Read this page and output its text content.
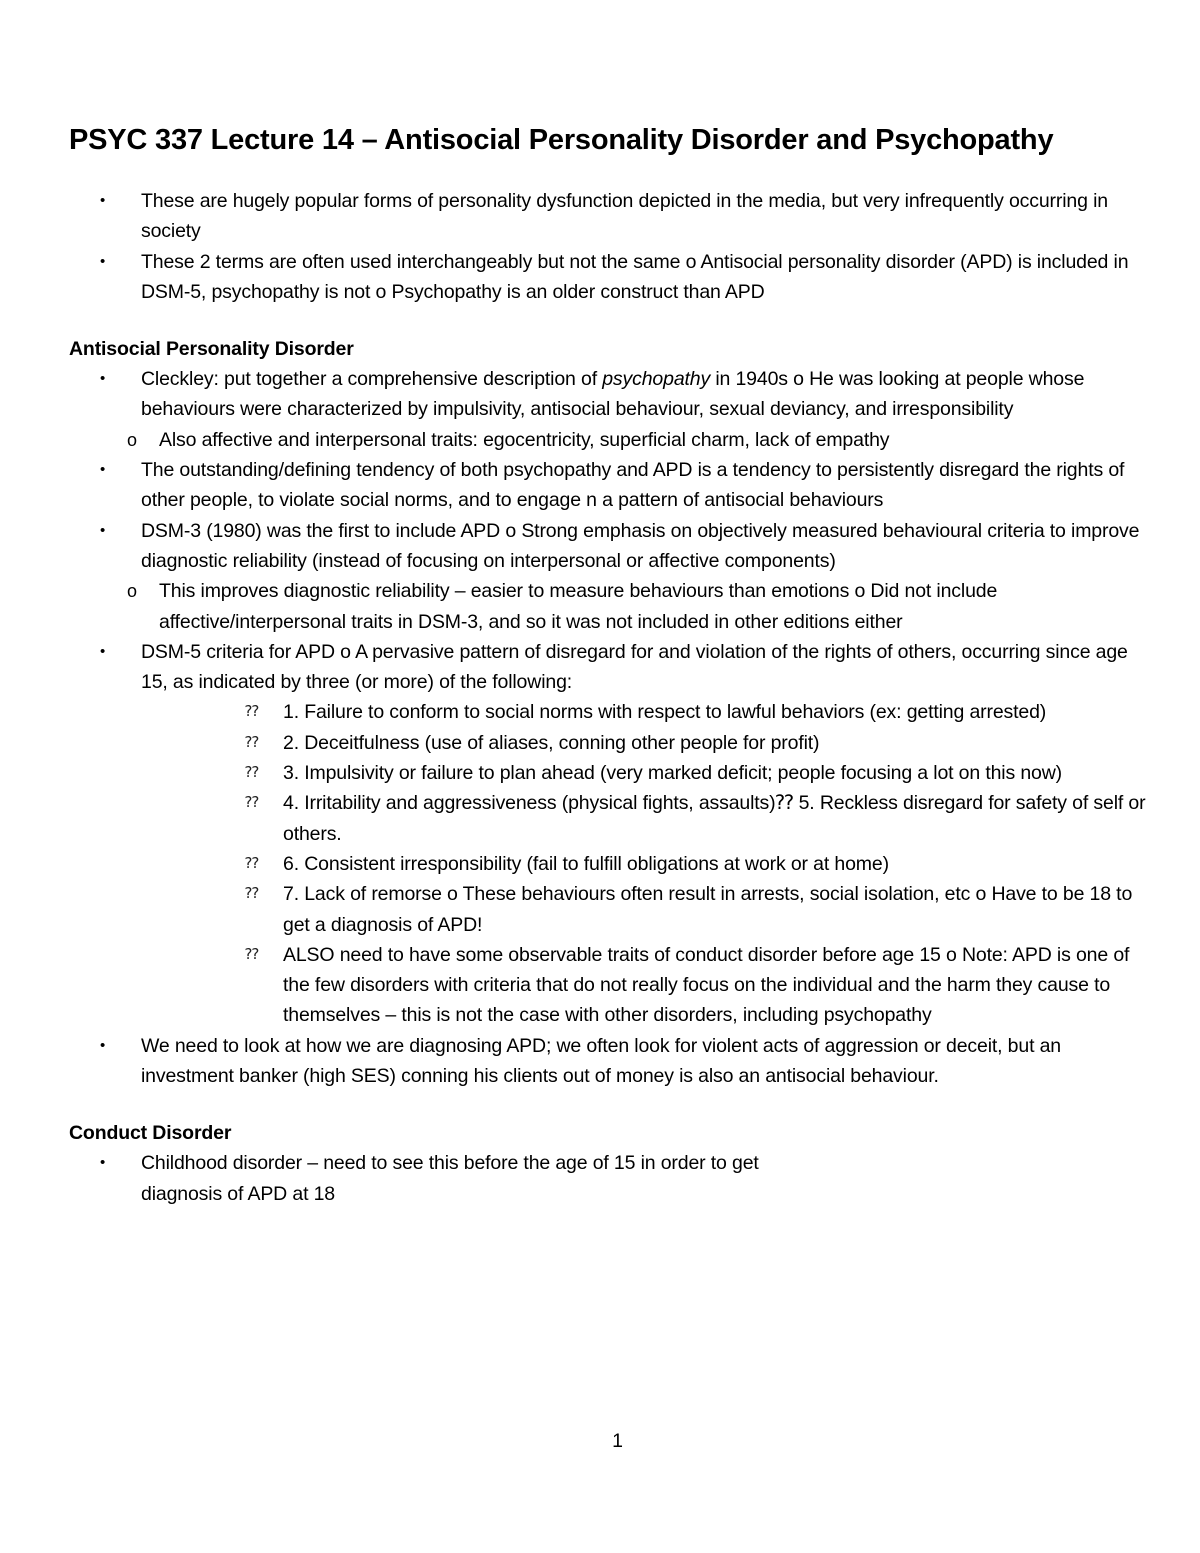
PSYC 337 Lecture 14 – Antisocial Personality Disorder and Psychopathy
•	These are hugely popular forms of personality dysfunction depicted in the media, but very infrequently occurring in society
•	These 2 terms are often used interchangeably but not the same o Antisocial personality disorder (APD) is included in DSM-5, psychopathy is not o Psychopathy is an older construct than APD
Antisocial Personality Disorder
•	Cleckley: put together a comprehensive description of psychopathy in 1940s o He was looking at people whose behaviours were characterized by impulsivity, antisocial behaviour, sexual deviancy, and irresponsibility
o Also affective and interpersonal traits: egocentricity, superficial charm, lack of empathy
•	The outstanding/defining tendency of both psychopathy and APD is a tendency to persistently disregard the rights of other people, to violate social norms, and to engage n a pattern of antisocial behaviours
•	DSM-3 (1980) was the first to include APD o Strong emphasis on objectively measured behavioural criteria to improve diagnostic reliability (instead of focusing on interpersonal or affective components)
o This improves diagnostic reliability – easier to measure behaviours than emotions o Did not include affective/interpersonal traits in DSM-3, and so it was not included in other editions either
•	DSM-5 criteria for APD o A pervasive pattern of disregard for and violation of the rights of others, occurring since age 15, as indicated by three (or more) of the following:
⁇ 1. Failure to conform to social norms with respect to lawful behaviors (ex: getting arrested)
⁇ 2. Deceitfulness (use of aliases, conning other people for profit)
⁇ 3. Impulsivity or failure to plan ahead (very marked deficit; people focusing a lot on this now)
⁇ 4. Irritability and aggressiveness (physical fights, assaults)⁇ 5. Reckless disregard for safety of self or others.
⁇ 6. Consistent irresponsibility (fail to fulfill obligations at work or at home)
⁇ 7. Lack of remorse o These behaviours often result in arrests, social isolation, etc o Have to be 18 to get a diagnosis of APD!
⁇ ALSO need to have some observable traits of conduct disorder before age 15 o Note: APD is one of the few disorders with criteria that do not really focus on the individual and the harm they cause to themselves – this is not the case with other disorders, including psychopathy
•	We need to look at how we are diagnosing APD; we often look for violent acts of aggression or deceit, but an investment banker (high SES) conning his clients out of money is also an antisocial behaviour.
Conduct Disorder
•	Childhood disorder – need to see this before the age of 15 in order to get
diagnosis of APD at 18
1
